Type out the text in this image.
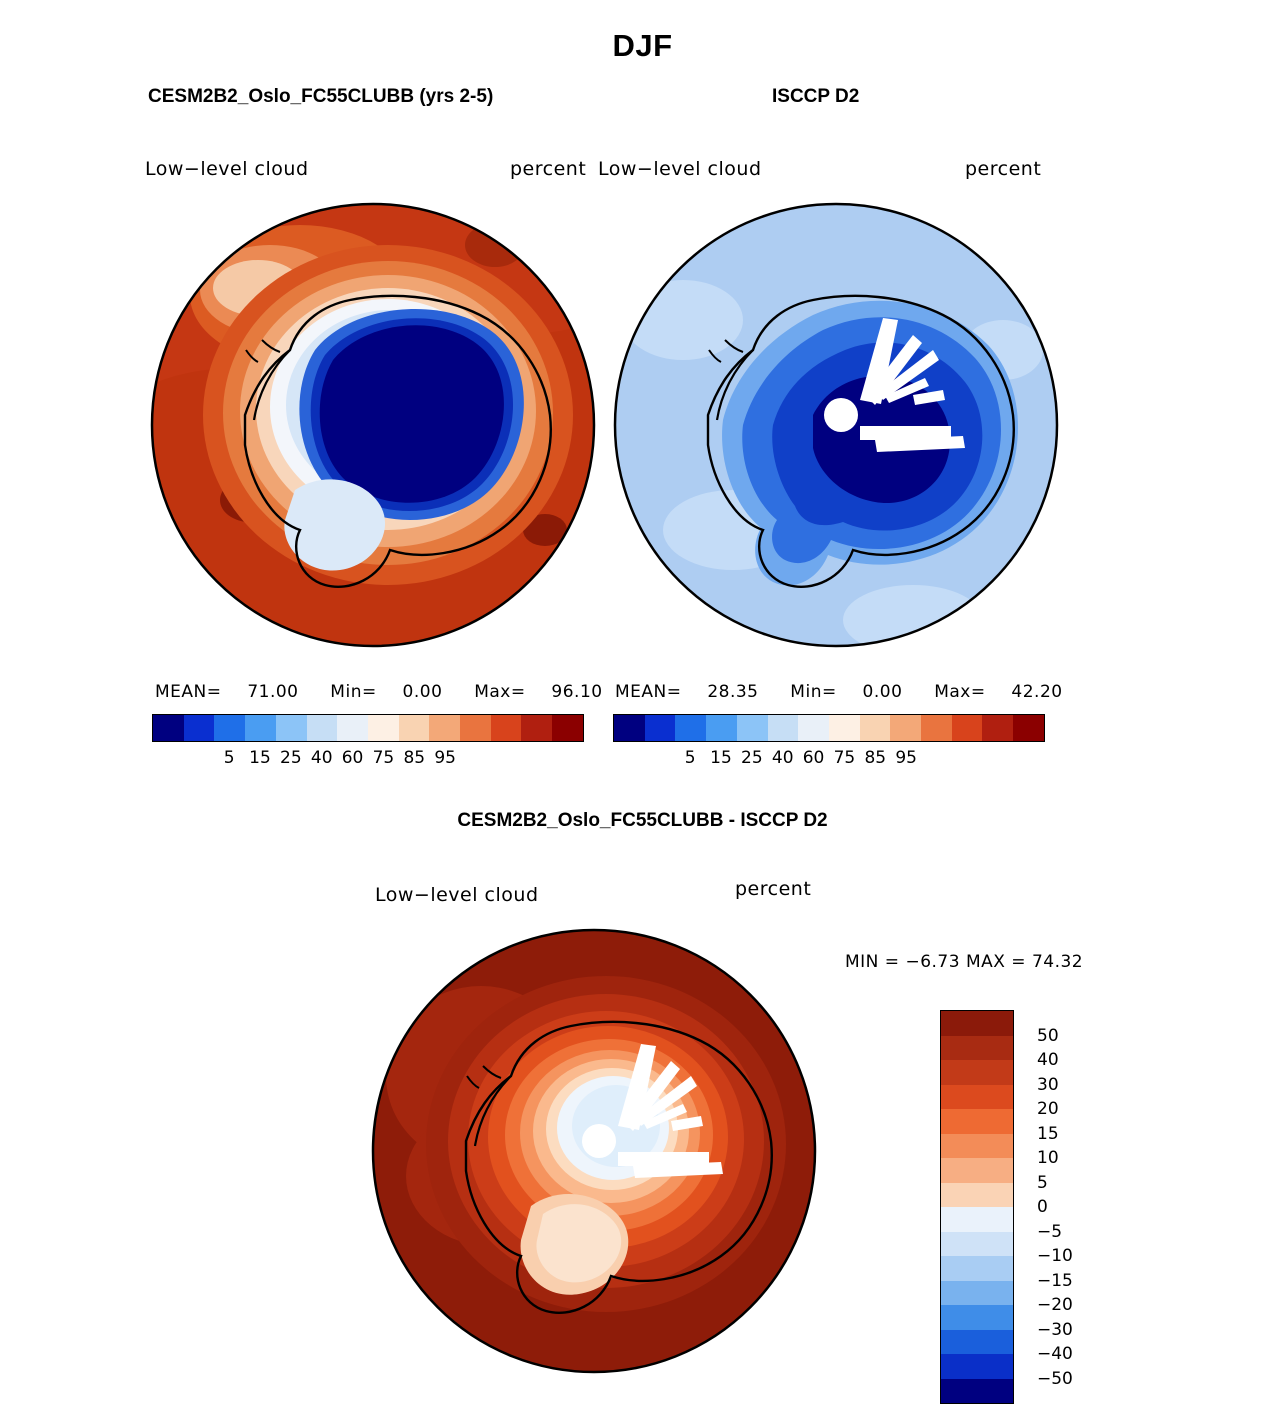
DJF
CESM2B2_Oslo_FC55CLUBB (yrs 2-5)
Low−level cloud	percent
MEAN= 71.00 Min= 0.00 Max= 96.10
5 15 25 40 60 75 85 95
ISCCP D2
Low−level cloud	percent
MEAN= 28.35 Min= 0.00 Max= 42.20
5 15 25 40 60 75 85 95
CESM2B2_Oslo_FC55CLUBB - ISCCP D2
Low−level cloud	percent
MIN = −6.73 MAX = 74.32
50
40
30
20
15
10
5
0
−5
−10
−15
−20
−30
−40
−50
